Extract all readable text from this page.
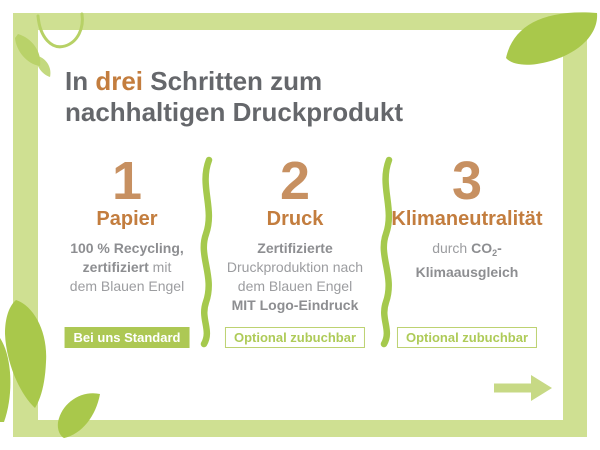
In drei Schritten zum
nachhaltigen Druckprodukt
1
Papier
100 % Recycling,
zertifiziert mit
dem Blauen Engel
Bei uns Standard
2
Druck
Zertifizierte
Druckproduktion nach
dem Blauen Engel
MIT Logo-Eindruck
Optional zubuchbar
3
Klimaneutralität
durch $CO_2-$
Klimaausgleich
Optional zubuchbar
